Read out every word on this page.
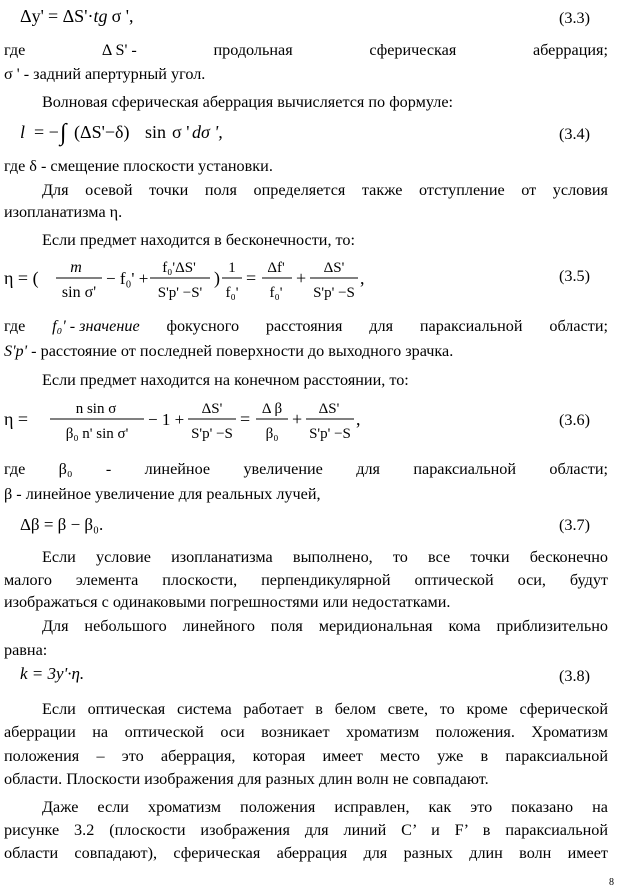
Δy' = ΔS'·tg σ ',	(3.3)
где	Δ S' -	продольная	сферическая	аберрация;
σ ' - задний апертурный угол.
Волновая сферическая аберрация вычисляется по формуле:
l = − ∫ (ΔS'−δ) sin σ ' dσ ',	(3.4)
где δ - смещение плоскости установки.
Для осевой точки поля определяется также отступление от условия
изопланатизма η.
Если предмет находится в бесконечности, то:
η = (
m
sin σ'
− f₀' +
f₀'ΔS'
S'p' −S'
) 1
f₀'
= Δf'
f₀'
+ ΔS'
S'p' −S
,	(3.5)
где f₀' - значение фокусного расстояния для параксиальной области;
S'p' - расстояние от последней поверхности до выходного зрачка.
Если предмет находится на конечном расстоянии, то:
η =	n sin σ
β₀ n' sin σ'
− 1 +
ΔS'
S'p' −S
= Δ β
β₀
+ ΔS'
S'p' −S
,	(3.6)
где β₀ - линейное увеличение для параксиальной области;
β - линейное увеличение для реальных лучей,
Δβ = β − β₀.	(3.7)
Если условие изопланатизма выполнено, то все точки бесконечно
малого элемента плоскости, перпендикулярной оптической оси, будут
изображаться с одинаковыми погрешностями или недостатками.
Для небольшого линейного поля меридиональная кома приблизительно
равна:
k = 3y'·η.	(3.8)
Если оптическая система работает в белом свете, то кроме сферической
аберрации на оптической оси возникает хроматизм положения. Хроматизм
положения – это аберрация, которая имеет место уже в параксиальной
области. Плоскости изображения для разных длин волн не совпадают.
Даже если хроматизм положения исправлен, как это показано на
рисунке 3.2 (плоскости изображения для линий C’ и F’ в параксиальной
области совпадают), сферическая аберрация для разных длин волн имеет
8
